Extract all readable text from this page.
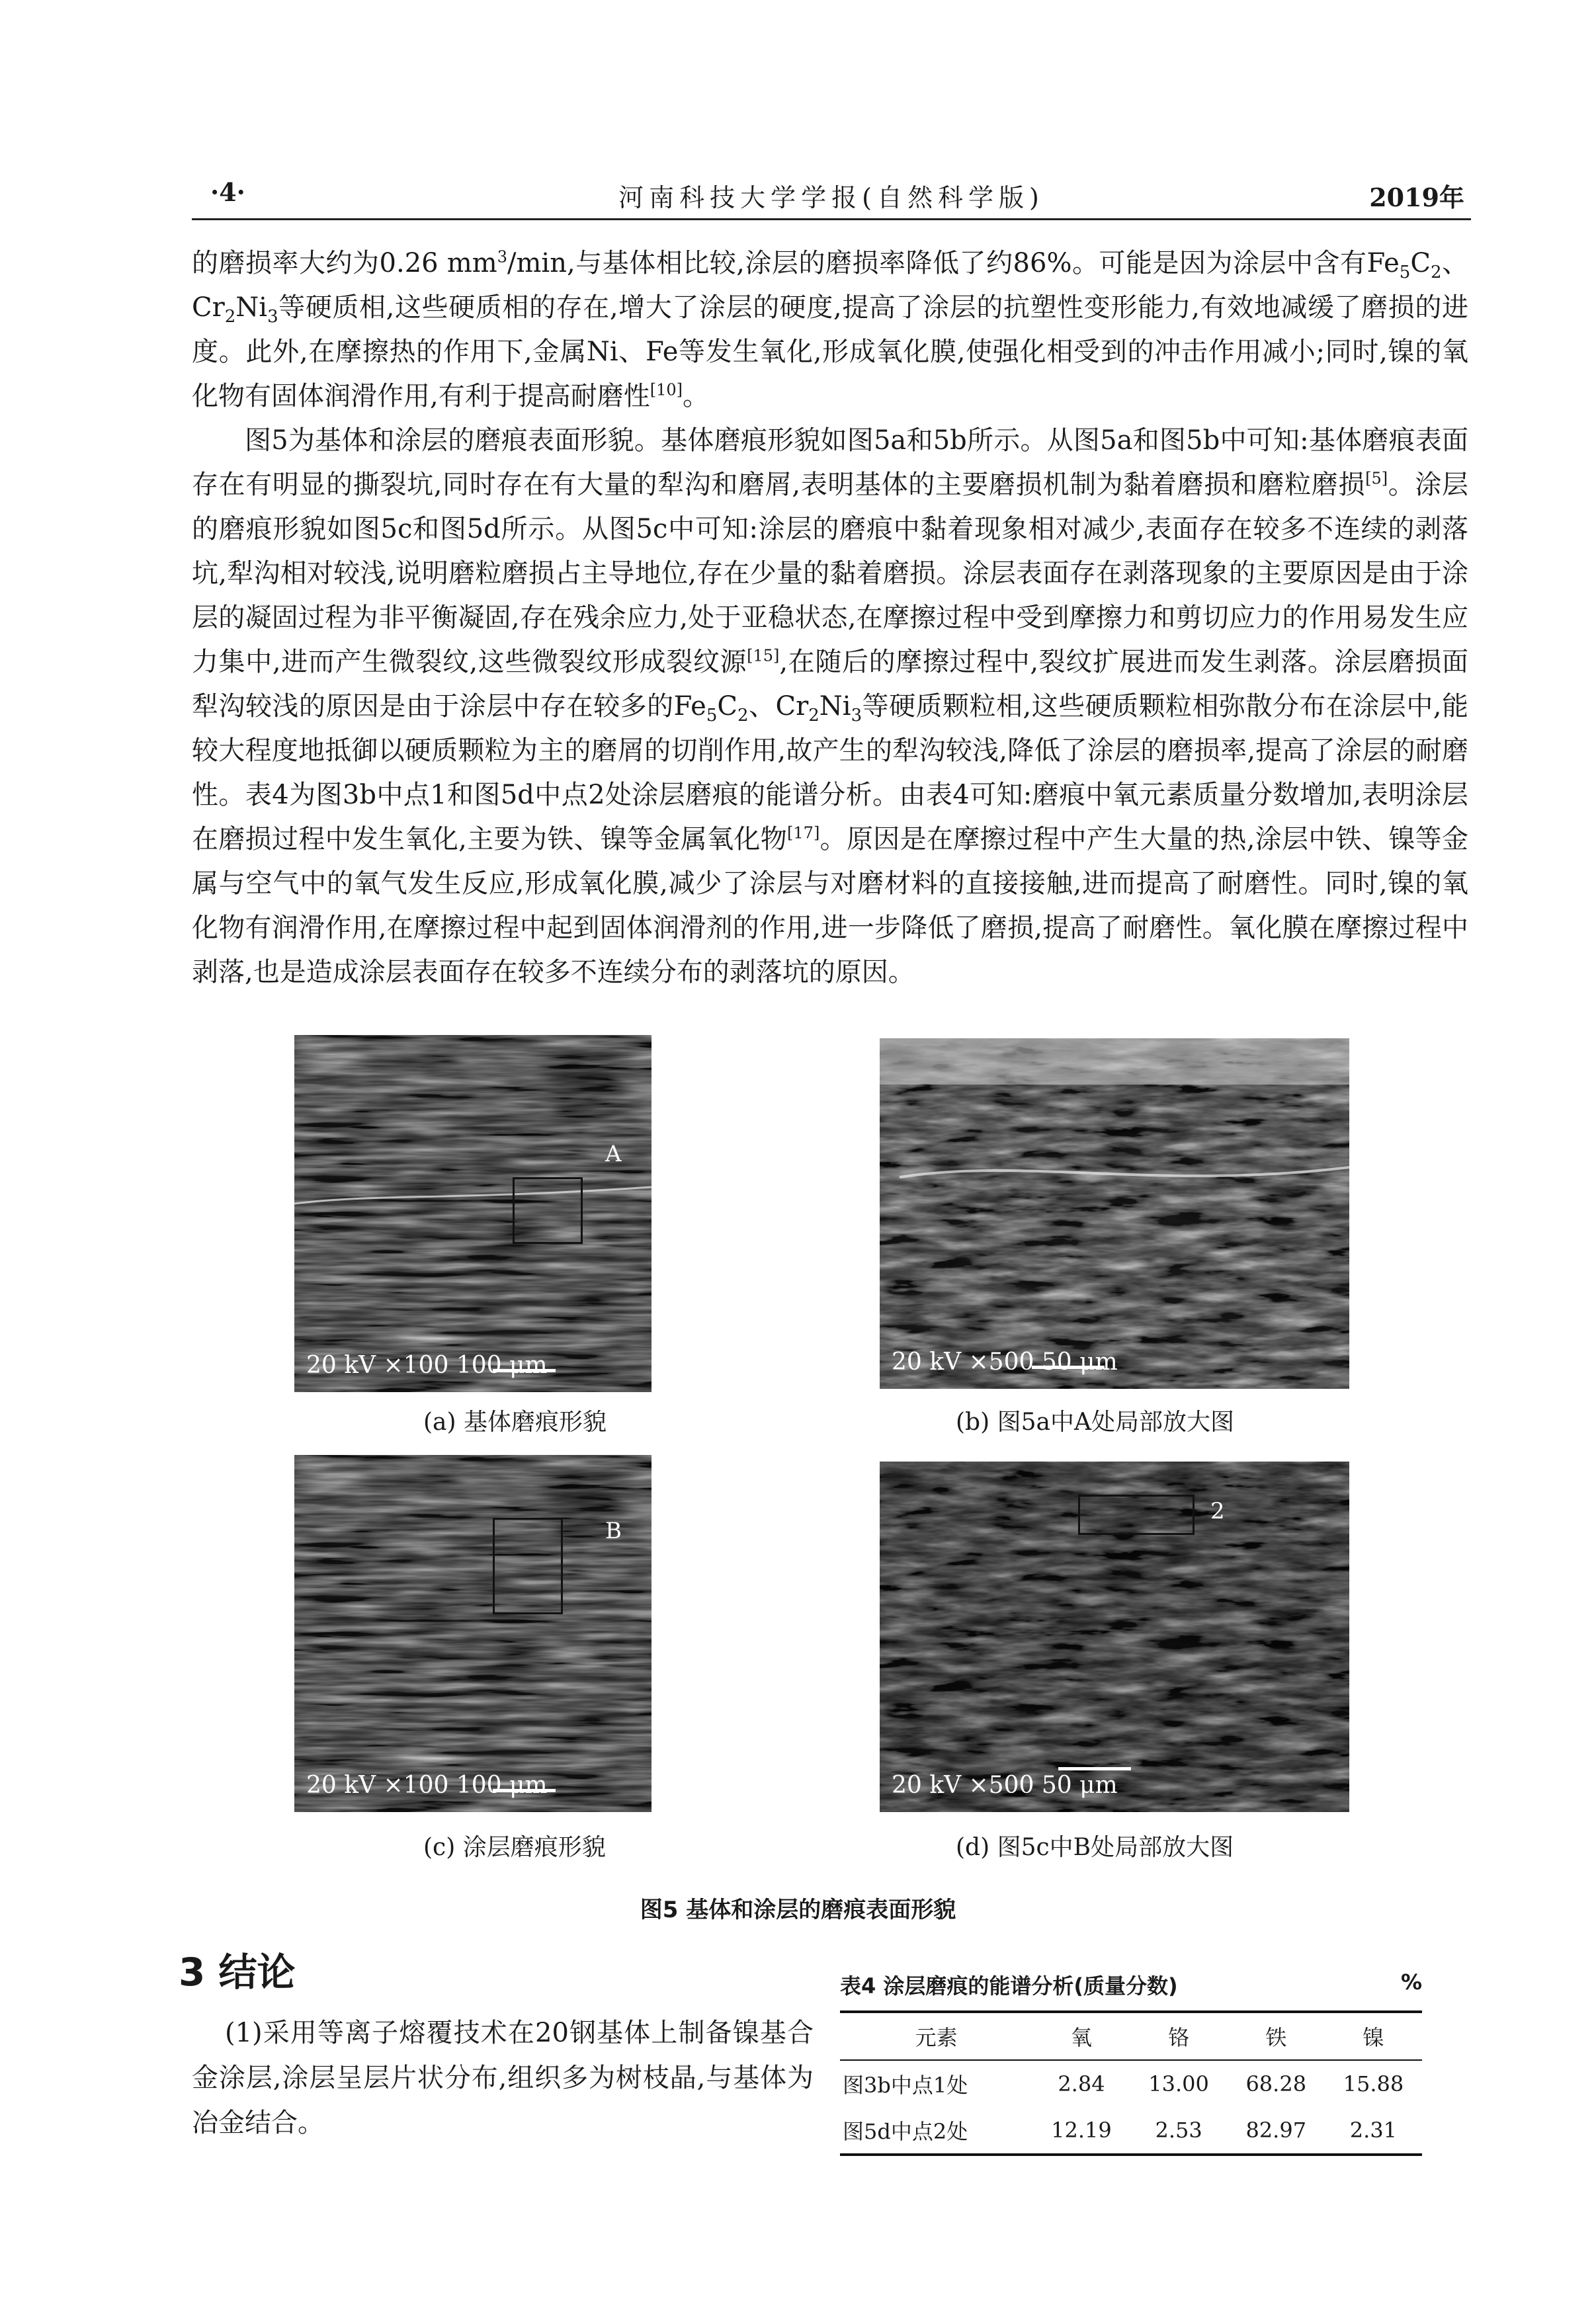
·4·	河南科技大学学报(自然科学版)	2019年

的磨损率大约为0.26 $mm^3/\min$,与基体相比较,涂层的磨损率降低了约86%。可能是因为涂层中含有$Fe_5C_2$、$Cr_2Ni_3$等硬质相,这些硬质相的存在,增大了涂层的硬度,提高了涂层的抗塑性变形能力,有效地减缓了磨损的进度。此外,在摩擦热的作用下,金属Ni、Fe等发生氧化,形成氧化膜,使强化相受到的冲击作用减小;同时,镍的氧化物有固体润滑作用,有利于提高耐磨性[10]。

图5为基体和涂层的磨痕表面形貌。基体磨痕形貌如图5a和5b所示。从图5a和图5b中可知:基体磨痕表面存在有明显的撕裂坑,同时存在有大量的犁沟和磨屑,表明基体的主要磨损机制为黏着磨损和磨粒磨损[5]。涂层的磨痕形貌如图5c和图5d所示。从图5c中可知:涂层的磨痕中黏着现象相对减少,表面存在较多不连续的剥落坑,犁沟相对较浅,说明磨粒磨损占主导地位,存在少量的黏着磨损。涂层表面存在剥落现象的主要原因是由于涂层的凝固过程为非平衡凝固,存在残余应力,处于亚稳状态,在摩擦过程中受到摩擦力和剪切应力的作用易发生应力集中,进而产生微裂纹,这些微裂纹形成裂纹源[15],在随后的摩擦过程中,裂纹扩展进而发生剥落。涂层磨损面犁沟较浅的原因是由于涂层中存在较多的$Fe_5C_2$、$Cr_2Ni_3$等硬质颗粒相,这些硬质颗粒相弥散分布在涂层中,能较大程度地抵御以硬质颗粒为主的磨屑的切削作用,故产生的犁沟较浅,降低了涂层的磨损率,提高了涂层的耐磨性。表4为图3b中点1和图5d中点2处涂层磨痕的能谱分析。由表4可知:磨痕中氧元素质量分数增加,表明涂层在磨损过程中发生氧化,主要为铁、镍等金属氧化物[17]。原因是在摩擦过程中产生大量的热,涂层中铁、镍等金属与空气中的氧气发生反应,形成氧化膜,减少了涂层与对磨材料的直接接触,进而提高了耐磨性。同时,镍的氧化物有润滑作用,在摩擦过程中起到固体润滑剂的作用,进一步降低了磨损,提高了耐磨性。氧化膜在摩擦过程中剥落,也是造成涂层表面存在较多不连续分布的剥落坑的原因。

A
20 kV ×100 100 μm
(a) 基体磨痕形貌
20 kV ×500 50 μm
(b) 图5a中A处局部放大图
B
20 kV ×100 100 μm
(c) 涂层磨痕形貌
2
20 kV ×500 50 μm
(d) 图5c中B处局部放大图
图5 基体和涂层的磨痕表面形貌
3 结论

(1)采用等离子熔覆技术在20钢基体上制备镍基合金涂层,涂层呈层片状分布,组织多为树枝晶,与基体为冶金结合。

表4 涂层磨痕的能谱分析(质量分数)	%
元素	氧	铬	铁	镍
图3b中点1处	2.84	13.00	68.28	15.88
图5d中点2处	12.19	2.53	82.97	2.31
